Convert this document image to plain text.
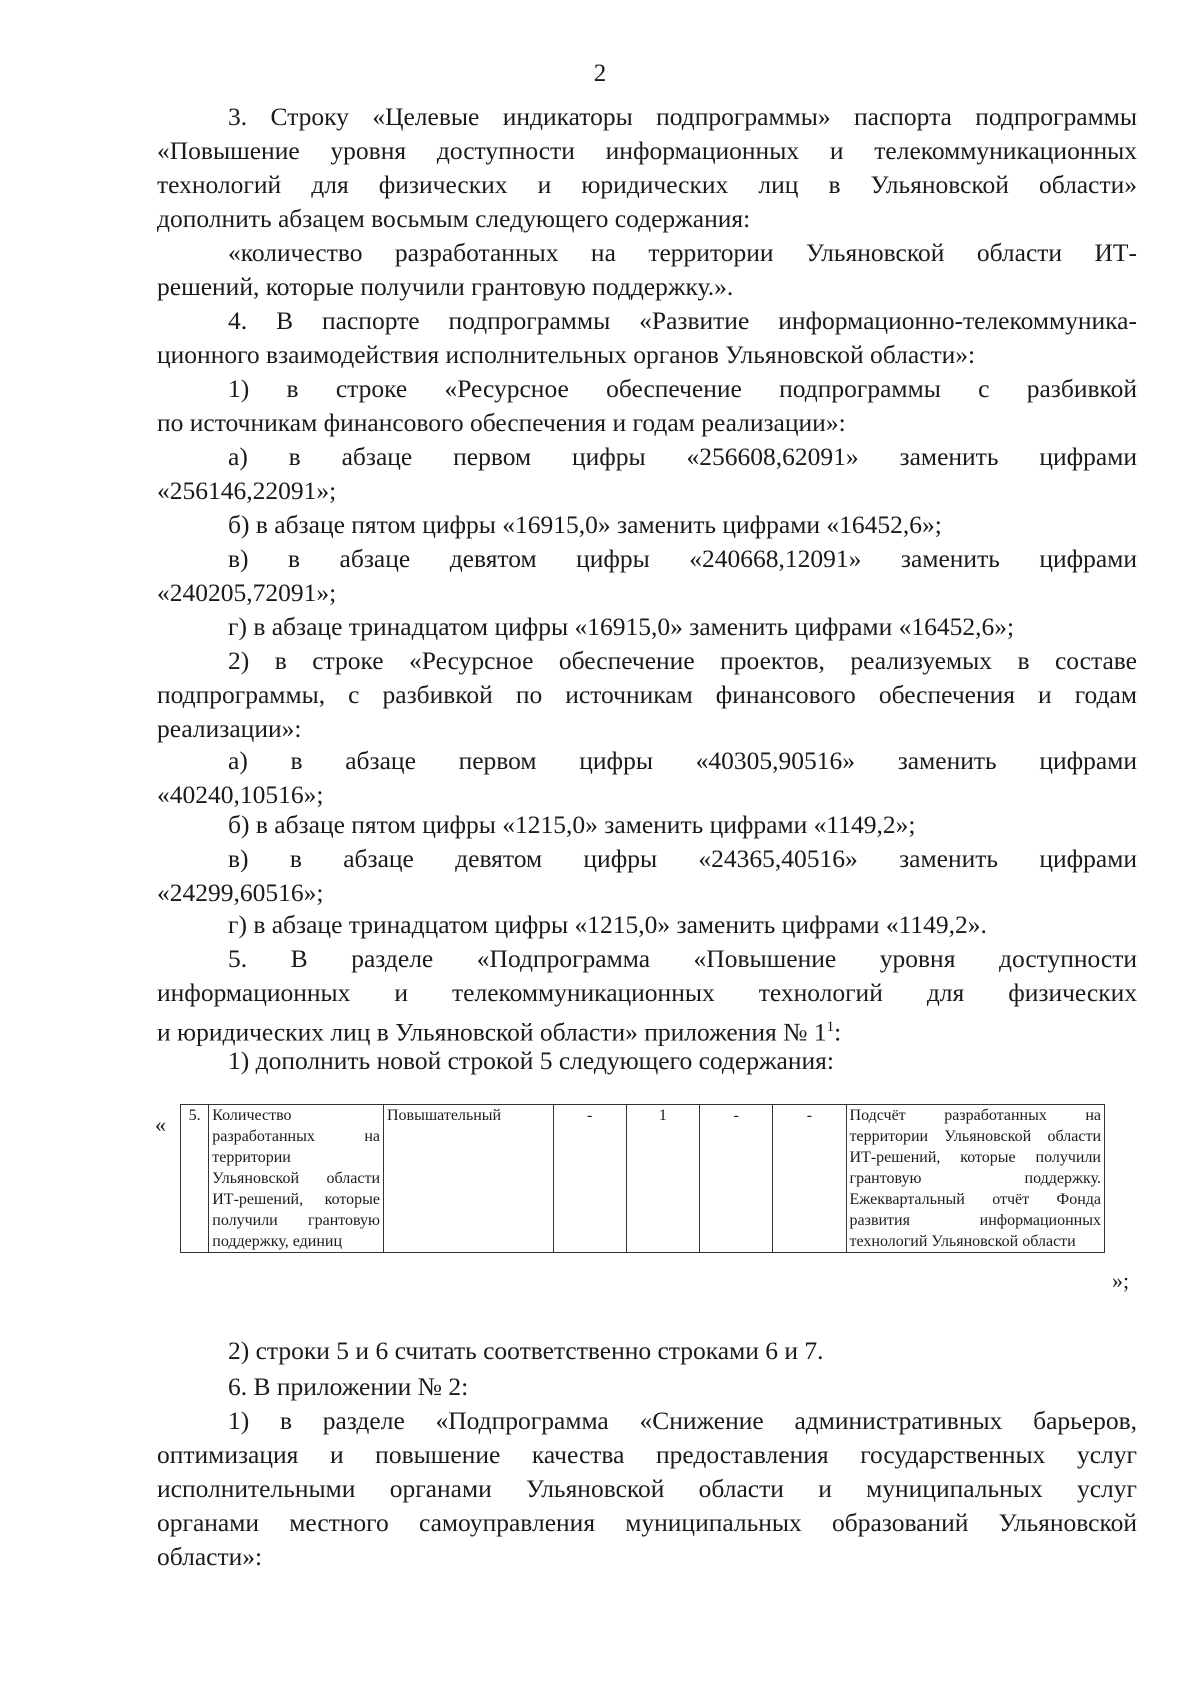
2
3. Строку «Целевые индикаторы подпрограммы» паспорта подпрограммы
«Повышение уровня доступности информационных и телекоммуникационных
технологий для физических и юридических лиц в Ульяновской области»
дополнить абзацем восьмым следующего содержания:
«количество разработанных на территории Ульяновской области ИТ-
решений, которые получили грантовую поддержку.».
4. В паспорте подпрограммы «Развитие информационно-телекоммуника-
ционного взаимодействия исполнительных органов Ульяновской области»:
1) в строке «Ресурсное обеспечение подпрограммы с разбивкой
по источникам финансового обеспечения и годам реализации»:
а) в абзаце первом цифры «256608,62091» заменить цифрами
«256146,22091»;
б) в абзаце пятом цифры «16915,0» заменить цифрами «16452,6»;
в) в абзаце девятом цифры «240668,12091» заменить цифрами
«240205,72091»;
г) в абзаце тринадцатом цифры «16915,0» заменить цифрами «16452,6»;
2) в строке «Ресурсное обеспечение проектов, реализуемых в составе
подпрограммы, с разбивкой по источникам финансового обеспечения и годам
реализации»:
а) в абзаце первом цифры «40305,90516» заменить цифрами
«40240,10516»;
б) в абзаце пятом цифры «1215,0» заменить цифрами «1149,2»;
в) в абзаце девятом цифры «24365,40516» заменить цифрами
«24299,60516»;
г) в абзаце тринадцатом цифры «1215,0» заменить цифрами «1149,2».
5. В разделе «Подпрограмма «Повышение уровня доступности
информационных и телекоммуникационных технологий для физических
и юридических лиц в Ульяновской области» приложения № $1^1$:
1) дополнить новой строкой 5 следующего содержания:
« 5.	Количество разработанных на территории Ульяновской области ИТ-решений, которые получили грантовую поддержку, единиц	Повышательный	-	1	-	-	Подсчёт разработанных на территории Ульяновской области ИТ-решений, которые получили грантовую поддержку. Ежеквартальный отчёт Фонда развития информационных технологий Ульяновской области
»;
2) строки 5 и 6 считать соответственно строками 6 и 7.
6. В приложении № 2:
1) в разделе «Подпрограмма «Снижение административных барьеров,
оптимизация и повышение качества предоставления государственных услуг
исполнительными органами Ульяновской области и муниципальных услуг
органами местного самоуправления муниципальных образований Ульяновской
области»:
